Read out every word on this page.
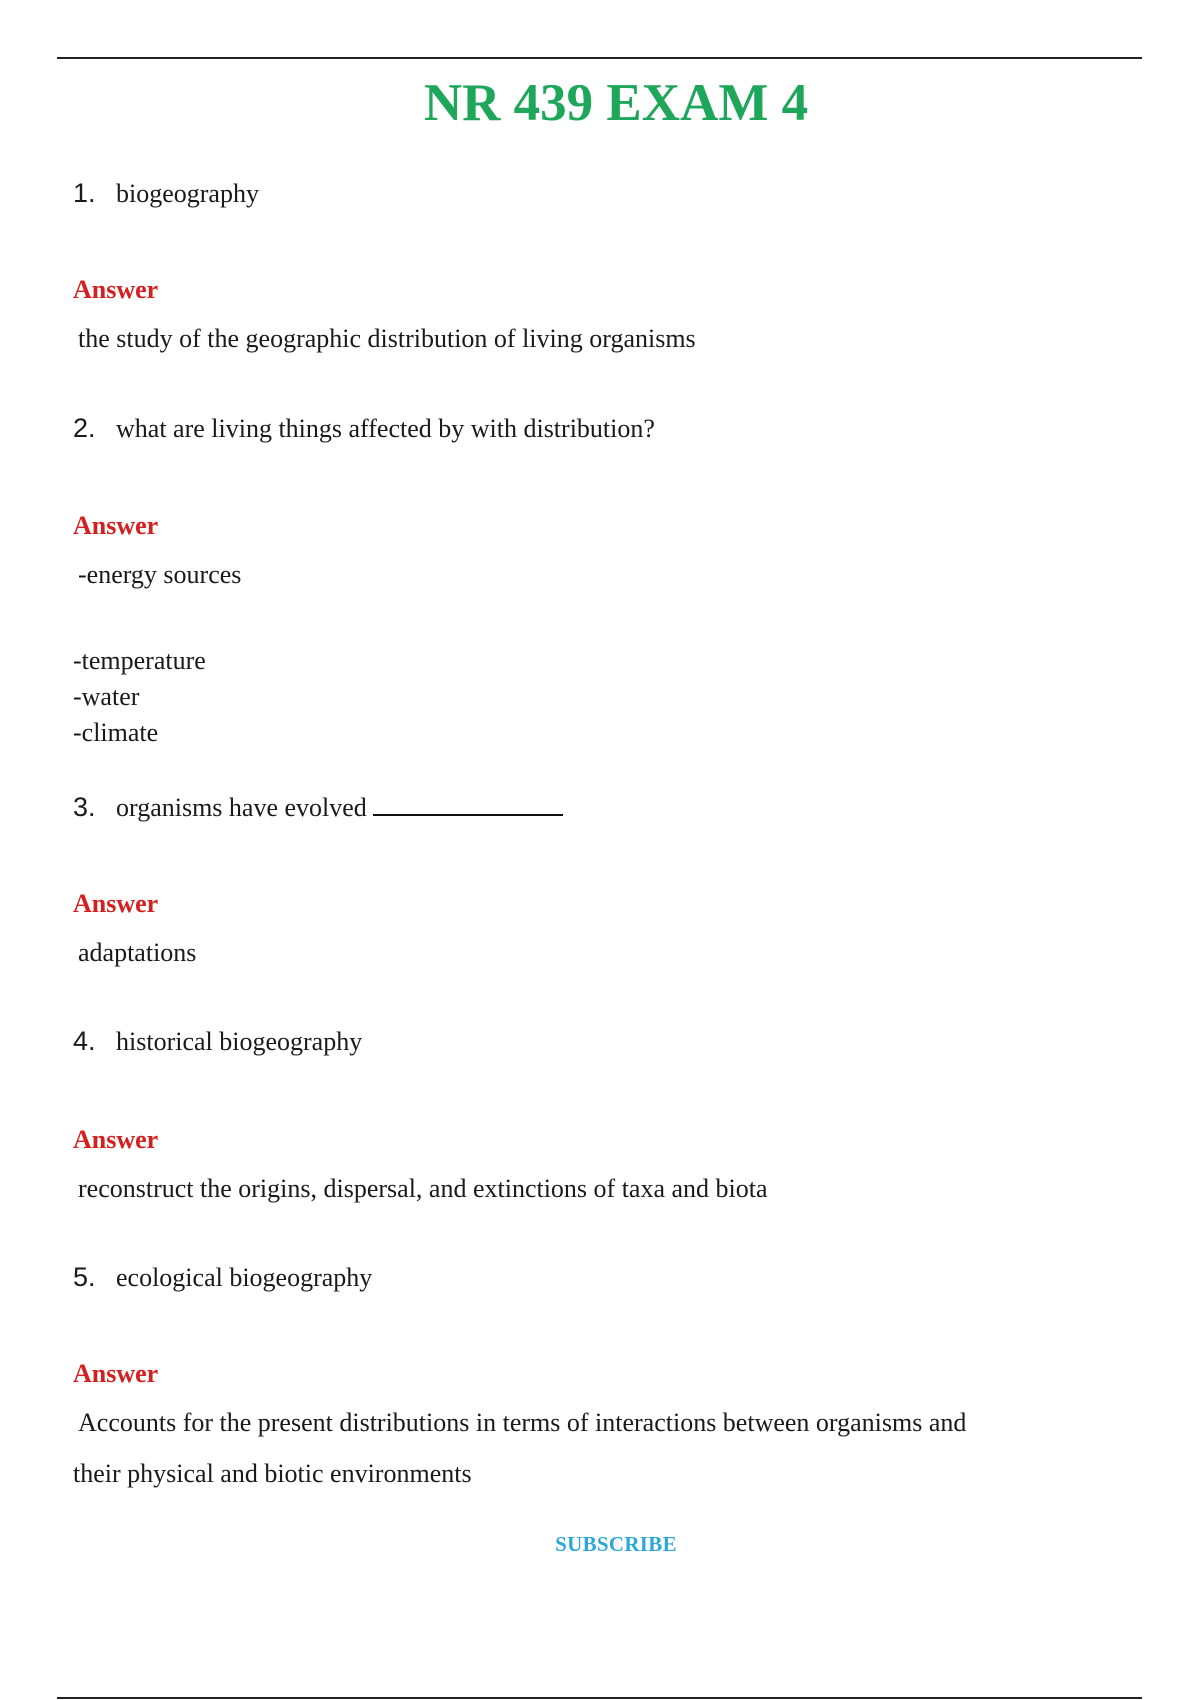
NR 439 EXAM 4
1. biogeography
Answer
the study of the geographic distribution of living organisms
2. what are living things affected by with distribution?
Answer
-energy sources
-temperature
-water
-climate
3. organisms have evolved
Answer
adaptations
4. historical biogeography
Answer
reconstruct the origins, dispersal, and extinctions of taxa and biota
5. ecological biogeography
Answer
Accounts for the present distributions in terms of interactions between organisms and
their physical and biotic environments
SUBSCRIBE
